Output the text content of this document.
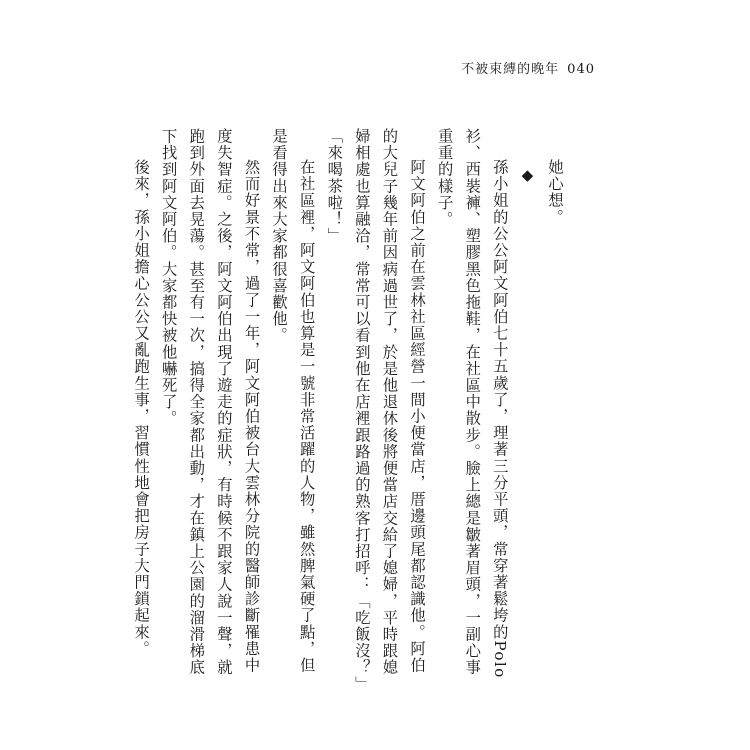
不被束縛的晚年 040

她心想。

◆

孫小姐的公公阿文阿伯七十五歲了，理著三分平頭，常穿著鬆垮的Polo衫、西裝褲、塑膠黑色拖鞋，在社區中散步。臉上總是皺著眉頭，一副心事重重的樣子。

阿文阿伯之前在雲林社區經營一間小便當店，厝邊頭尾都認識他。阿伯的大兒子幾年前因病過世了，於是他退休後將便當店交給了媳婦，平時跟媳婦相處也算融洽，常常可以看到他在店裡跟路過的熟客打招呼：「吃飯沒？」「來喝茶啦！」

在社區裡，阿文阿伯也算是一號非常活躍的人物，雖然脾氣硬了點，但是看得出來大家都很喜歡他。

然而好景不常，過了一年，阿文阿伯被台大雲林分院的醫師診斷罹患中度失智症。之後，阿文阿伯出現了遊走的症狀，有時候不跟家人說一聲，就跑到外面去晃蕩。甚至有一次，搞得全家都出動，才在鎮上公園的溜滑梯底下找到阿文阿伯。大家都快被他嚇死了。

後來，孫小姐擔心公公又亂跑生事，習慣性地會把房子大門鎖起來。
